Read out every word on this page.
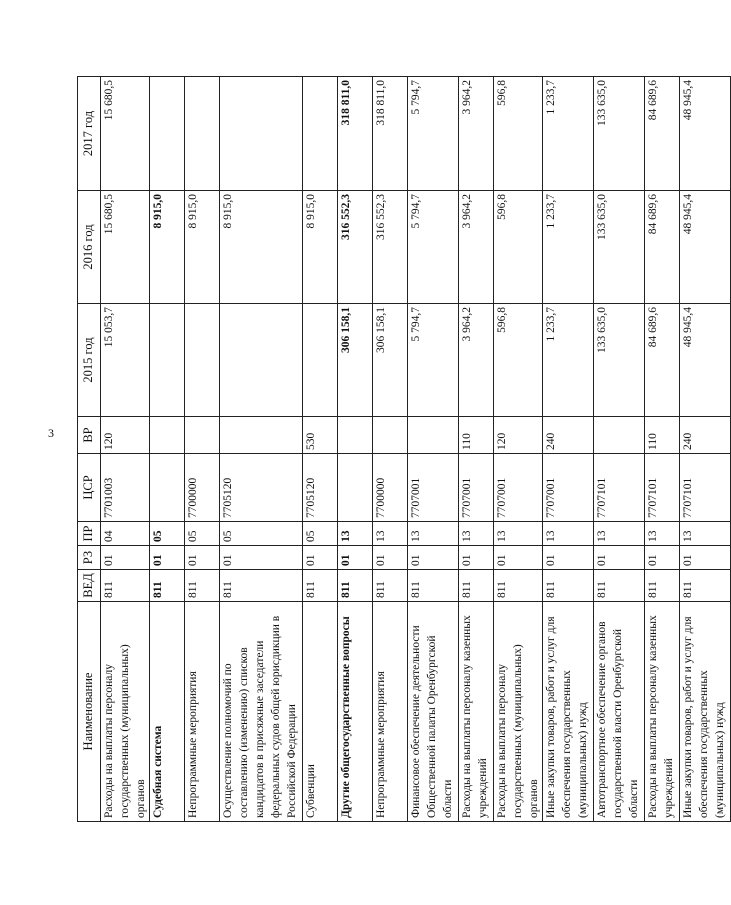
3
Наименование	ВЕД	РЗ	ПР	ЦСР	ВР	2015 год	2016 год	2017 год
Расходы на выплаты персоналу государственных (муниципальных) органов	811	01	04	7701003	120	15 053,7	15 680,5	15 680,5
Судебная система	811	01	05				8 915,0	
Непрограммные мероприятия	811	01	05	7700000			8 915,0	
Осуществление полномочий по составлению (изменению) списков кандидатов в присяжные заседатели федеральных судов общей юрисдикции в Российской Федерации	811	01	05	7705120			8 915,0	
Субвенции	811	01	05	7705120	530		8 915,0	
Другие общегосударственные вопросы	811	01	13			306 158,1	316 552,3	318 811,0
Непрограммные мероприятия	811	01	13	7700000		306 158,1	316 552,3	318 811,0
Финансовое обеспечение деятельности Общественной палаты Оренбургской области	811	01	13	7707001		5 794,7	5 794,7	5 794,7
Расходы на выплаты персоналу казенных учреждений	811	01	13	7707001	110	3 964,2	3 964,2	3 964,2
Расходы на выплаты персоналу государственных (муниципальных) органов	811	01	13	7707001	120	596,8	596,8	596,8
Иные закупки товаров, работ и услуг для обеспечения государственных (муниципальных) нужд	811	01	13	7707001	240	1 233,7	1 233,7	1 233,7
Автотранспортное обеспечение органов государственной власти Оренбургской области	811	01	13	7707101		133 635,0	133 635,0	133 635,0
Расходы на выплаты персоналу казенных учреждений	811	01	13	7707101	110	84 689,6	84 689,6	84 689,6
Иные закупки товаров, работ и услуг для обеспечения государственных (муниципальных) нужд	811	01	13	7707101	240	48 945,4	48 945,4	48 945,4
